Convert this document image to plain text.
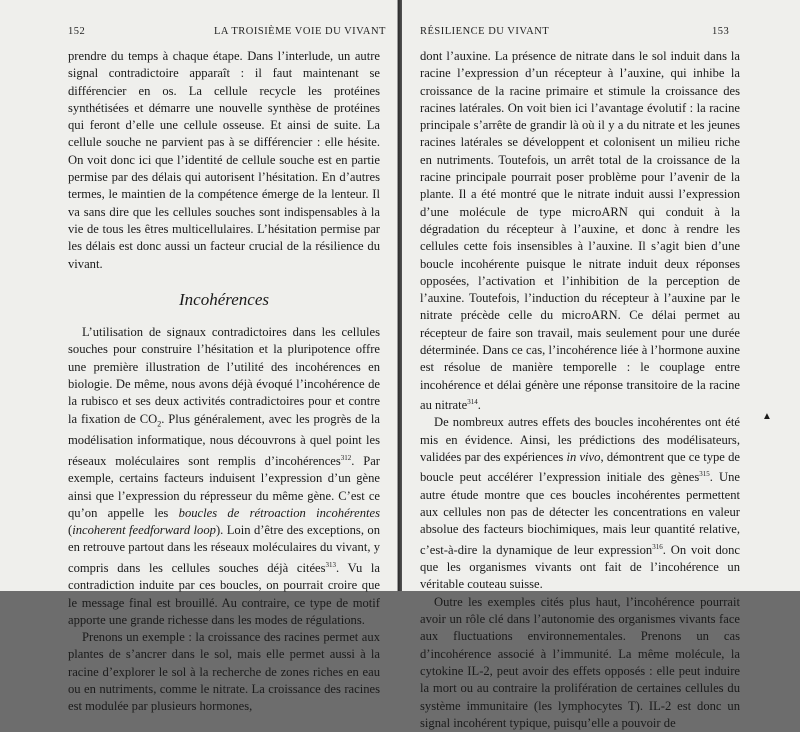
152	LA TROISIÈME VOIE DU VIVANT

prendre du temps à chaque étape. Dans l’interlude, un autre signal contradictoire apparaît : il faut maintenant se différencier en os. La cellule recycle les protéines synthétisées et démarre une nouvelle synthèse de protéines qui feront d’elle une cellule osseuse. Et ainsi de suite. La cellule souche ne parvient pas à se différencier : elle hésite. On voit donc ici que l’identité de cellule souche est en partie permise par des délais qui autorisent l’hésitation. En d’autres termes, le maintien de la compétence émerge de la lenteur. Il va sans dire que les cellules souches sont indispensables à la vie de tous les êtres multicellulaires. L’hésitation permise par les délais est donc aussi un facteur crucial de la résilience du vivant.

Incohérences

L’utilisation de signaux contradictoires dans les cellules souches pour construire l’hésitation et la pluripotence offre une première illustration de l’utilité des incohérences en biologie. De même, nous avons déjà évoqué l’incohérence de la rubisco et ses deux activités contradictoires pour et contre la fixation de $CO_2$. Plus généralement, avec les progrès de la modélisation informatique, nous découvrons à quel point les réseaux moléculaires sont remplis d’incohérences$^{312}$. Par exemple, certains facteurs induisent l’expression d’un gène ainsi que l’expression du répresseur du même gène. C’est ce qu’on appelle les boucles de rétroaction incohérentes (incoherent feedforward loop). Loin d’être des exceptions, on en retrouve partout dans les réseaux moléculaires du vivant, y compris dans les cellules souches déjà citées$^{313}$. Vu la contradiction induite par ces boucles, on pourrait croire que le message final est brouillé. Au contraire, ce type de motif apporte une grande richesse dans les modes de régulations.

Prenons un exemple : la croissance des racines permet aux plantes de s’ancrer dans le sol, mais elle permet aussi à la racine d’explorer le sol à la recherche de zones riches en eau ou en nutriments, comme le nitrate. La croissance des racines est modulée par plusieurs hormones,

RÉSILIENCE DU VIVANT	153

dont l’auxine. La présence de nitrate dans le sol induit dans la racine l’expression d’un récepteur à l’auxine, qui inhibe la croissance de la racine primaire et stimule la croissance des racines latérales. On voit bien ici l’avantage évolutif : la racine principale s’arrête de grandir là où il y a du nitrate et les jeunes racines latérales se développent et colonisent un milieu riche en nutriments. Toutefois, un arrêt total de la croissance de la racine principale pourrait poser problème pour l’avenir de la plante. Il a été montré que le nitrate induit aussi l’expression d’une molécule de type microARN qui conduit à la dégradation du récepteur à l’auxine, et donc à rendre les cellules cette fois insensibles à l’auxine. Il s’agit bien d’une boucle incohérente puisque le nitrate induit deux réponses opposées, l’activation et l’inhibition de la perception de l’auxine. Toutefois, l’induction du récepteur à l’auxine par le nitrate précède celle du microARN. Ce délai permet au récepteur de faire son travail, mais seulement pour une durée déterminée. Dans ce cas, l’incohérence liée à l’hormone auxine est résolue de manière temporelle : le couplage entre incohérence et délai génère une réponse transitoire de la racine au nitrate$^{314}$.

De nombreux autres effets des boucles incohérentes ont été mis en évidence. Ainsi, les prédictions des modélisateurs, validées par des expériences in vivo, démontrent que ce type de boucle peut accélérer l’expression initiale des gènes$^{315}$. Une autre étude montre que ces boucles incohérentes permettent aux cellules non pas de détecter les concentrations en valeur absolue des facteurs biochimiques, mais leur quantité relative, c’est-à-dire la dynamique de leur expression$^{316}$. On voit donc que les organismes vivants ont fait de l’incohérence un véritable couteau suisse.

Outre les exemples cités plus haut, l’incohérence pourrait avoir un rôle clé dans l’autonomie des organismes vivants face aux fluctuations environnementales. Prenons un cas d’incohérence associé à l’immunité. La même molécule, la cytokine IL-2, peut avoir des effets opposés : elle peut induire la mort ou au contraire la prolifération de certaines cellules du système immunitaire (les lymphocytes T). IL-2 est donc un signal incohérent typique, puisqu’elle a pouvoir de

▲
